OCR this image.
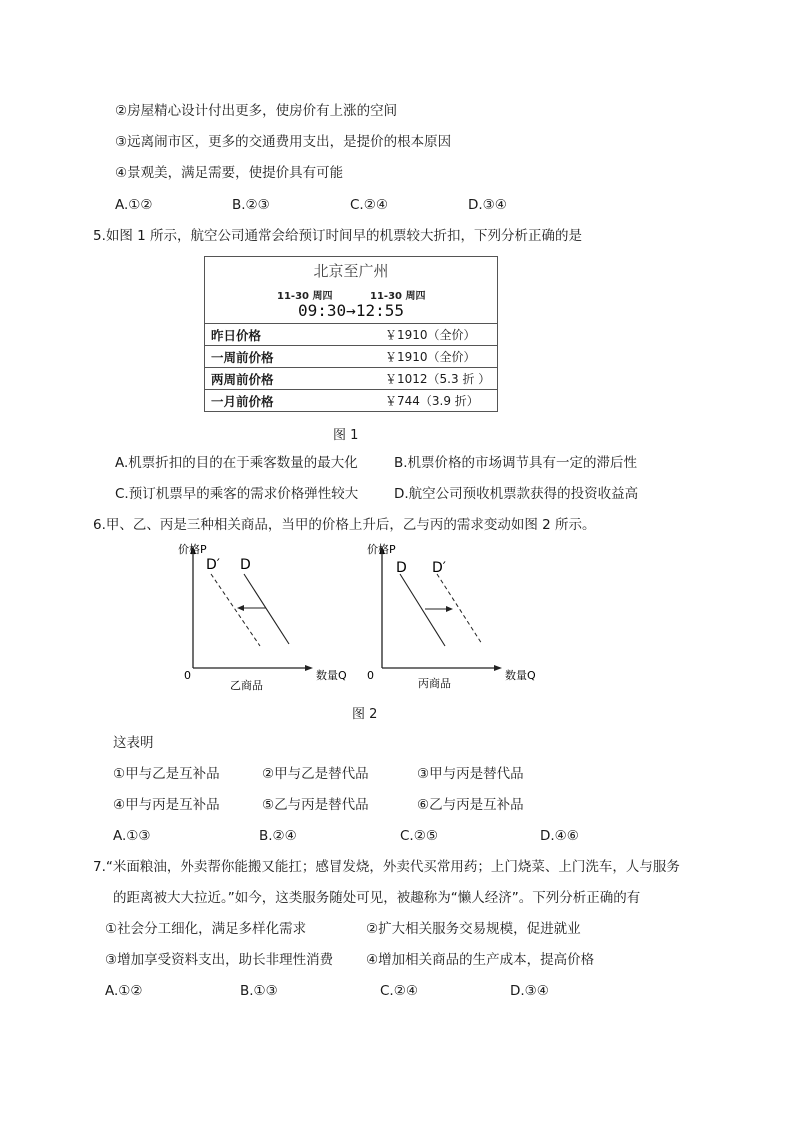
②房屋精心设计付出更多，使房价有上涨的空间
③远离闹市区，更多的交通费用支出，是提价的根本原因
④景观美，满足需要，使提价具有可能
A.①②	B.②③	C.②④	D.③④
5.如图 1 所示，航空公司通常会给预订时间早的机票较大折扣，下列分析正确的是
北京至广州
11-30 周四	11-30 周四
09:30→12:55
昨日价格	￥1910（全价）
一周前价格	￥1910（全价）
两周前价格	￥1012（5.3 折 ）
一月前价格	￥744（3.9 折）
图 1
A.机票折扣的目的在于乘客数量的最大化	B.机票价格的市场调节具有一定的滞后性
C.预订机票早的乘客的需求价格弹性较大	D.航空公司预收机票款获得的投资收益高
6.甲、乙、丙是三种相关商品，当甲的价格上升后，乙与丙的需求变动如图 2 所示。
价格P
数量Q
0
乙商品
D′ D
价格P
数量Q
0
丙商品
D D′
图 2
这表明
①甲与乙是互补品	②甲与乙是替代品	③甲与丙是替代品
④甲与丙是互补品	⑤乙与丙是替代品	⑥乙与丙是互补品
A.①③	B.②④	C.②⑤	D.④⑥
7.“米面粮油，外卖帮你能搬又能扛；感冒发烧，外卖代买常用药；上门烧菜、上门洗车，人与服务
的距离被大大拉近。”如今，这类服务随处可见，被趣称为“懒人经济”。下列分析正确的有
①社会分工细化，满足多样化需求	②扩大相关服务交易规模，促进就业
③增加享受资料支出，助长非理性消费 ④增加相关商品的生产成本，提高价格
A.①②	B.①③	C.②④	D.③④
